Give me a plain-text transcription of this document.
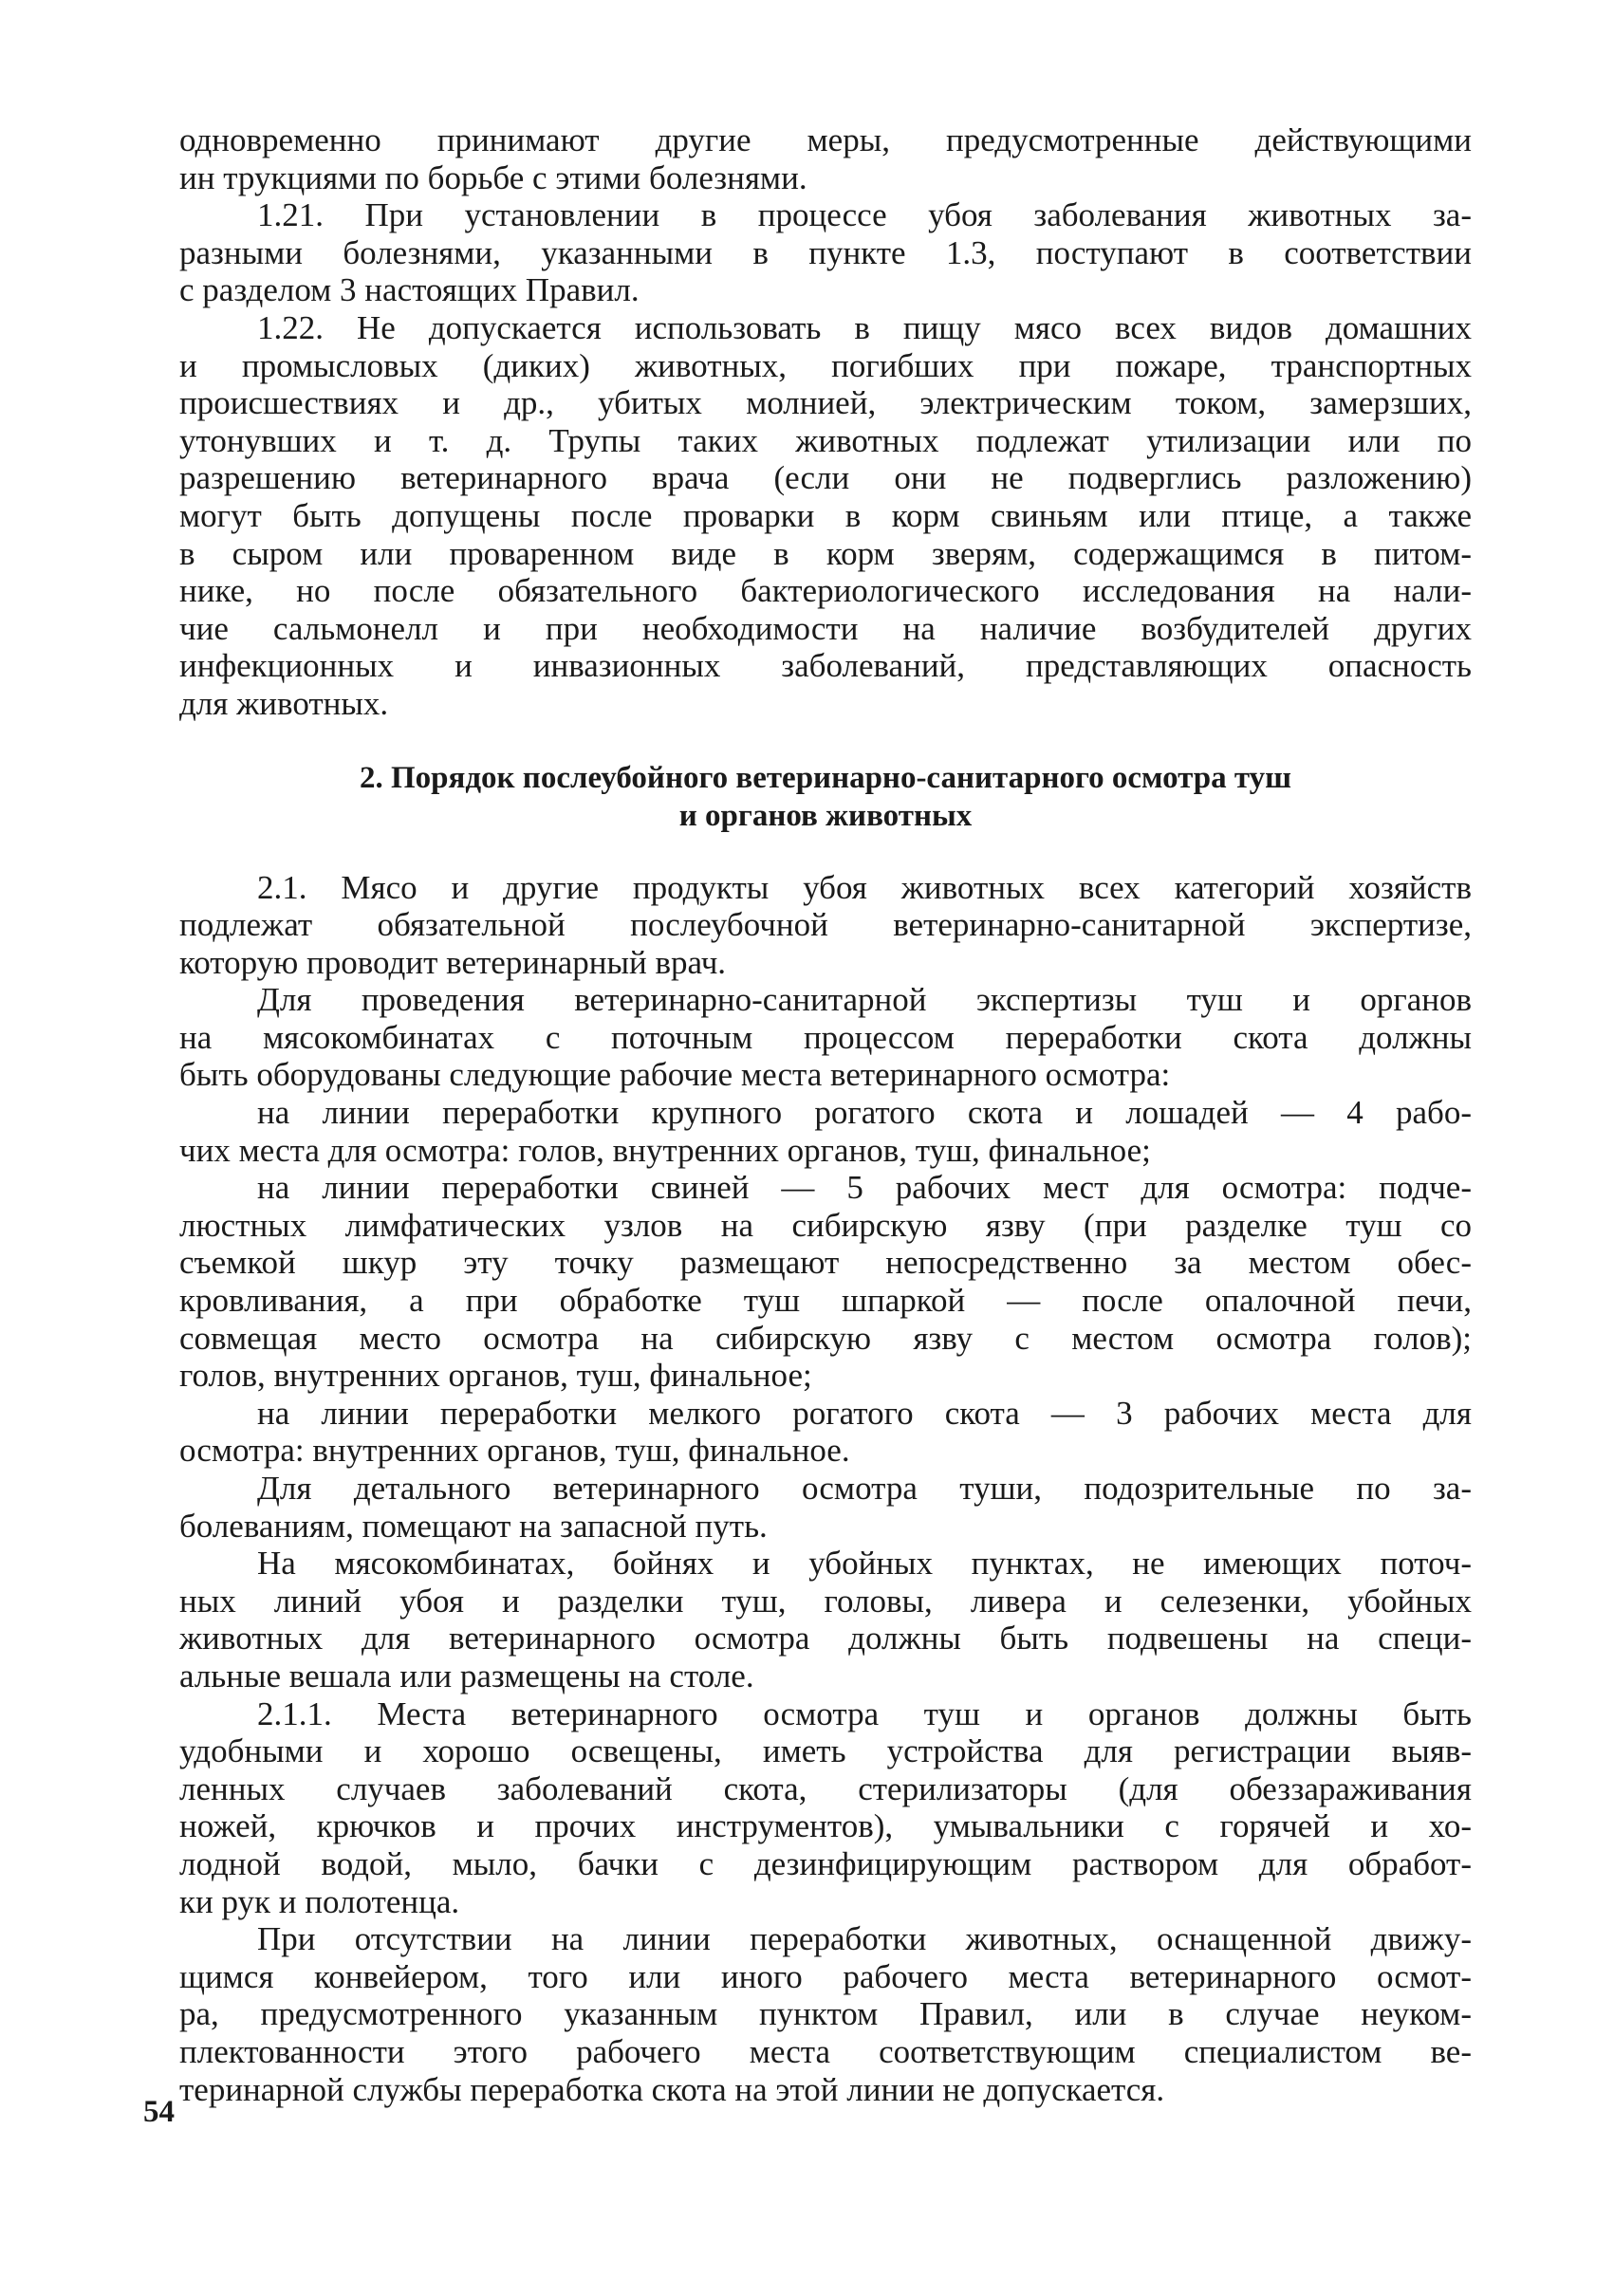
одновременно принимают другие меры, предусмотренные действующими
ин трукциями по борьбе с этими болезнями.
1.21. При установлении в процессе убоя заболевания животных за-
разными болезнями, указанными в пункте 1.3, поступают в соответствии
с разделом 3 настоящих Правил.
1.22. Не допускается использовать в пищу мясо всех видов домашних
и промысловых (диких) животных, погибших при пожаре, транспортных
происшествиях и др., убитых молнией, электрическим током, замерзших,
утонувших и т. д. Трупы таких животных подлежат утилизации или по
разрешению ветеринарного врача (если они не подверглись разложению)
могут быть допущены после проварки в корм свиньям или птице, а также
в сыром или проваренном виде в корм зверям, содержащимся в питом-
нике, но после обязательного бактериологического исследования на нали-
чие сальмонелл и при необходимости на наличие возбудителей других
инфекционных и инвазионных заболеваний, представляющих опасность
для животных.
2. Порядок послеубойного ветеринарно-санитарного осмотра туш
и органов животных
2.1. Мясо и другие продукты убоя животных всех категорий хозяйств
подлежат обязательной послеубочной ветеринарно-санитарной экспертизе,
которую проводит ветеринарный врач.
Для проведения ветеринарно-санитарной экспертизы туш и органов
на мясокомбинатах с поточным процессом переработки скота должны
быть оборудованы следующие рабочие места ветеринарного осмотра:
на линии переработки крупного рогатого скота и лошадей — 4 рабо-
чих места для осмотра: голов, внутренних органов, туш, финальное;
на линии переработки свиней — 5 рабочих мест для осмотра: подче-
люстных лимфатических узлов на сибирскую язву (при разделке туш со
съемкой шкур эту точку размещают непосредственно за местом обес-
кровливания, а при обработке туш шпаркой — после опалочной печи,
совмещая место осмотра на сибирскую язву с местом осмотра голов);
голов, внутренних органов, туш, финальное;
на линии переработки мелкого рогатого скота — 3 рабочих места для
осмотра: внутренних органов, туш, финальное.
Для детального ветеринарного осмотра туши, подозрительные по за-
болеваниям, помещают на запасной путь.
На мясокомбинатах, бойнях и убойных пунктах, не имеющих поточ-
ных линий убоя и разделки туш, головы, ливера и селезенки, убойных
животных для ветеринарного осмотра должны быть подвешены на специ-
альные вешала или размещены на столе.
2.1.1. Места ветеринарного осмотра туш и органов должны быть
удобными и хорошо освещены, иметь устройства для регистрации выяв-
ленных случаев заболеваний скота, стерилизаторы (для обеззараживания
ножей, крючков и прочих инструментов), умывальники с горячей и хо-
лодной водой, мыло, бачки с дезинфицирующим раствором для обработ-
ки рук и полотенца.
При отсутствии на линии переработки животных, оснащенной движу-
щимся конвейером, того или иного рабочего места ветеринарного осмот-
ра, предусмотренного указанным пунктом Правил, или в случае неуком-
плектованности этого рабочего места соответствующим специалистом ве-
теринарной службы переработка скота на этой линии не допускается.
54
